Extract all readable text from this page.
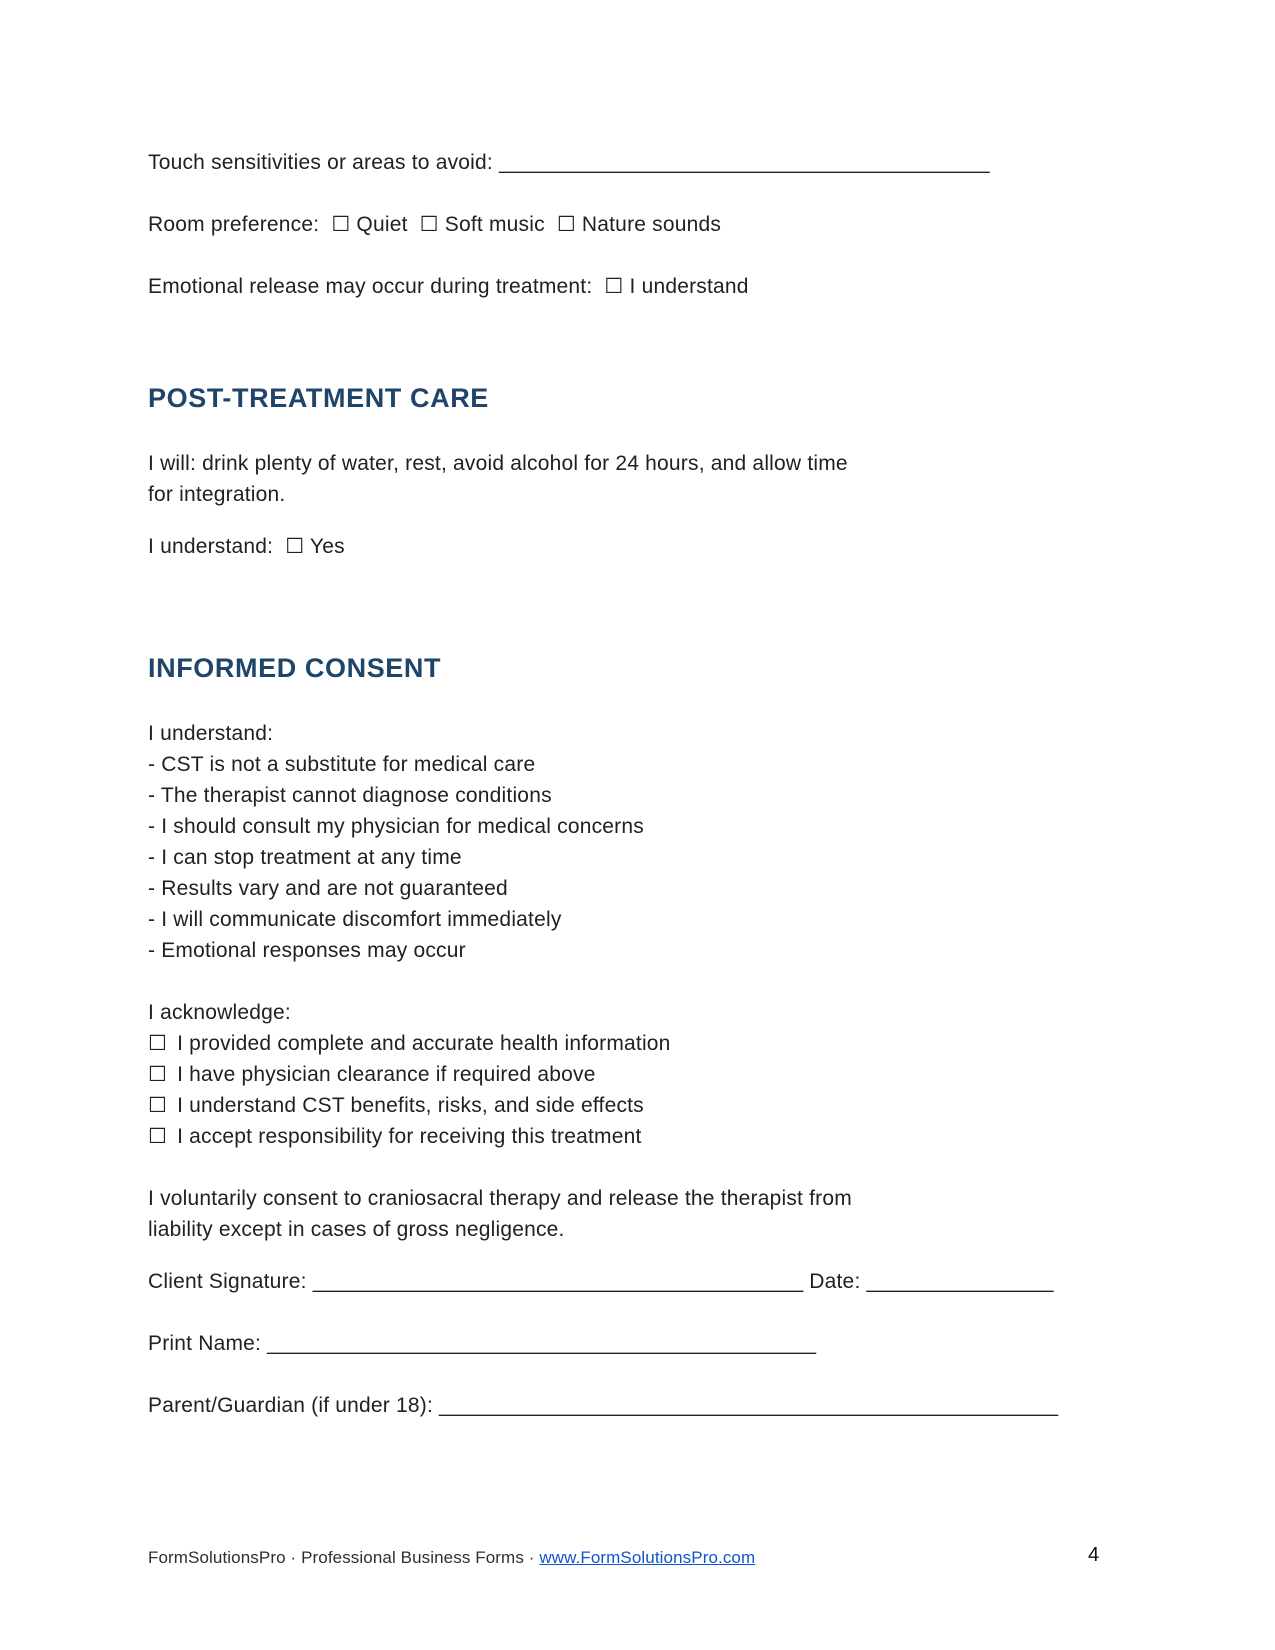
Touch sensitivities or areas to avoid: __________________________________________

Room preference: ☐ Quiet ☐ Soft music ☐ Nature sounds

Emotional release may occur during treatment: ☐ I understand

POST-TREATMENT CARE

I will: drink plenty of water, rest, avoid alcohol for 24 hours, and allow time
for integration.

I understand: ☐ Yes

INFORMED CONSENT

I understand:
- CST is not a substitute for medical care
- The therapist cannot diagnose conditions
- I should consult my physician for medical concerns
- I can stop treatment at any time
- Results vary and are not guaranteed
- I will communicate discomfort immediately
- Emotional responses may occur

I acknowledge:
☐ I provided complete and accurate health information
☐ I have physician clearance if required above
☐ I understand CST benefits, risks, and side effects
☐ I accept responsibility for receiving this treatment

I voluntarily consent to craniosacral therapy and release the therapist from
liability except in cases of gross negligence.

Client Signature: __________________________________________ Date: ________________

Print Name: _______________________________________________

Parent/Guardian (if under 18): _____________________________________________________

FormSolutionsPro · Professional Business Forms · www.FormSolutionsPro.com	4
